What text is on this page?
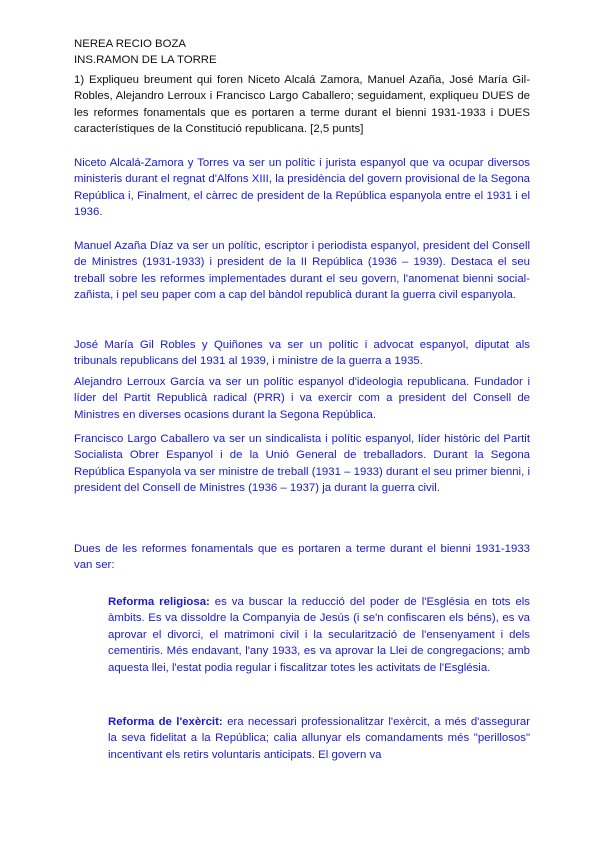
NEREA RECIO BOZA
INS.RAMON DE LA TORRE
1) Expliqueu breument qui foren Niceto Alcalá Zamora, Manuel Azaña, José María Gil-Robles, Alejandro Lerroux i Francisco Largo Caballero; seguidament, expliqueu DUES de les reformes fonamentals que es portaren a terme durant el bienni 1931-1933 i DUES característiques de la Constitució republicana. [2,5 punts]
Niceto Alcalá-Zamora y Torres va ser un polític i jurista espanyol que va ocupar diversos ministeris durant el regnat d'Alfons XIII, la presidència del govern provisional de la Segona República i, Finalment, el càrrec de president de la República espanyola entre el 1931 i el 1936.
Manuel Azaña Díaz va ser un polític, escriptor i periodista espanyol, president del Consell de Ministres (1931-1933) i president de la II República (1936 – 1939). Destaca el seu treball sobre les reformes implementades durant el seu govern, l'anomenat bienni social-zañista, i pel seu paper com a cap del bàndol republicà durant la guerra civil espanyola.
José María Gil Robles y Quiñones va ser un polític i advocat espanyol, diputat als tribunals republicans del 1931 al 1939, i ministre de la guerra a 1935.
Alejandro Lerroux García va ser un polític espanyol d'ideologia republicana. Fundador i líder del Partit Republicà radical (PRR) i va exercir com a president del Consell de Ministres en diverses ocasions durant la Segona República.
Francisco Largo Caballero va ser un sindicalista i polític espanyol, líder històric del Partit Socialista Obrer Espanyol i de la Unió General de treballadors. Durant la Segona República Espanyola va ser ministre de treball (1931 – 1933) durant el seu primer bienni, i president del Consell de Ministres (1936 – 1937) ja durant la guerra civil.
Dues de les reformes fonamentals que es portaren a terme durant el bienni 1931-1933 van ser:
Reforma religiosa: es va buscar la reducció del poder de l'Església en tots els àmbits. Es va dissoldre la Companyia de Jesús (i se'n confiscaren els béns), es va aprovar el divorci, el matrimoni civil i la secularització de l'ensenyament i dels cementiris. Més endavant, l'any 1933, es va aprovar la Llei de congregacions; amb aquesta llei, l'estat podia regular i fiscalitzar totes les activitats de l'Església.
Reforma de l'exèrcit: era necessari professionalitzar l'exèrcit, a més d'assegurar la seva fidelitat a la República; calia allunyar els comandaments més "perillosos" incentivant els retirs voluntaris anticipats. El govern va
